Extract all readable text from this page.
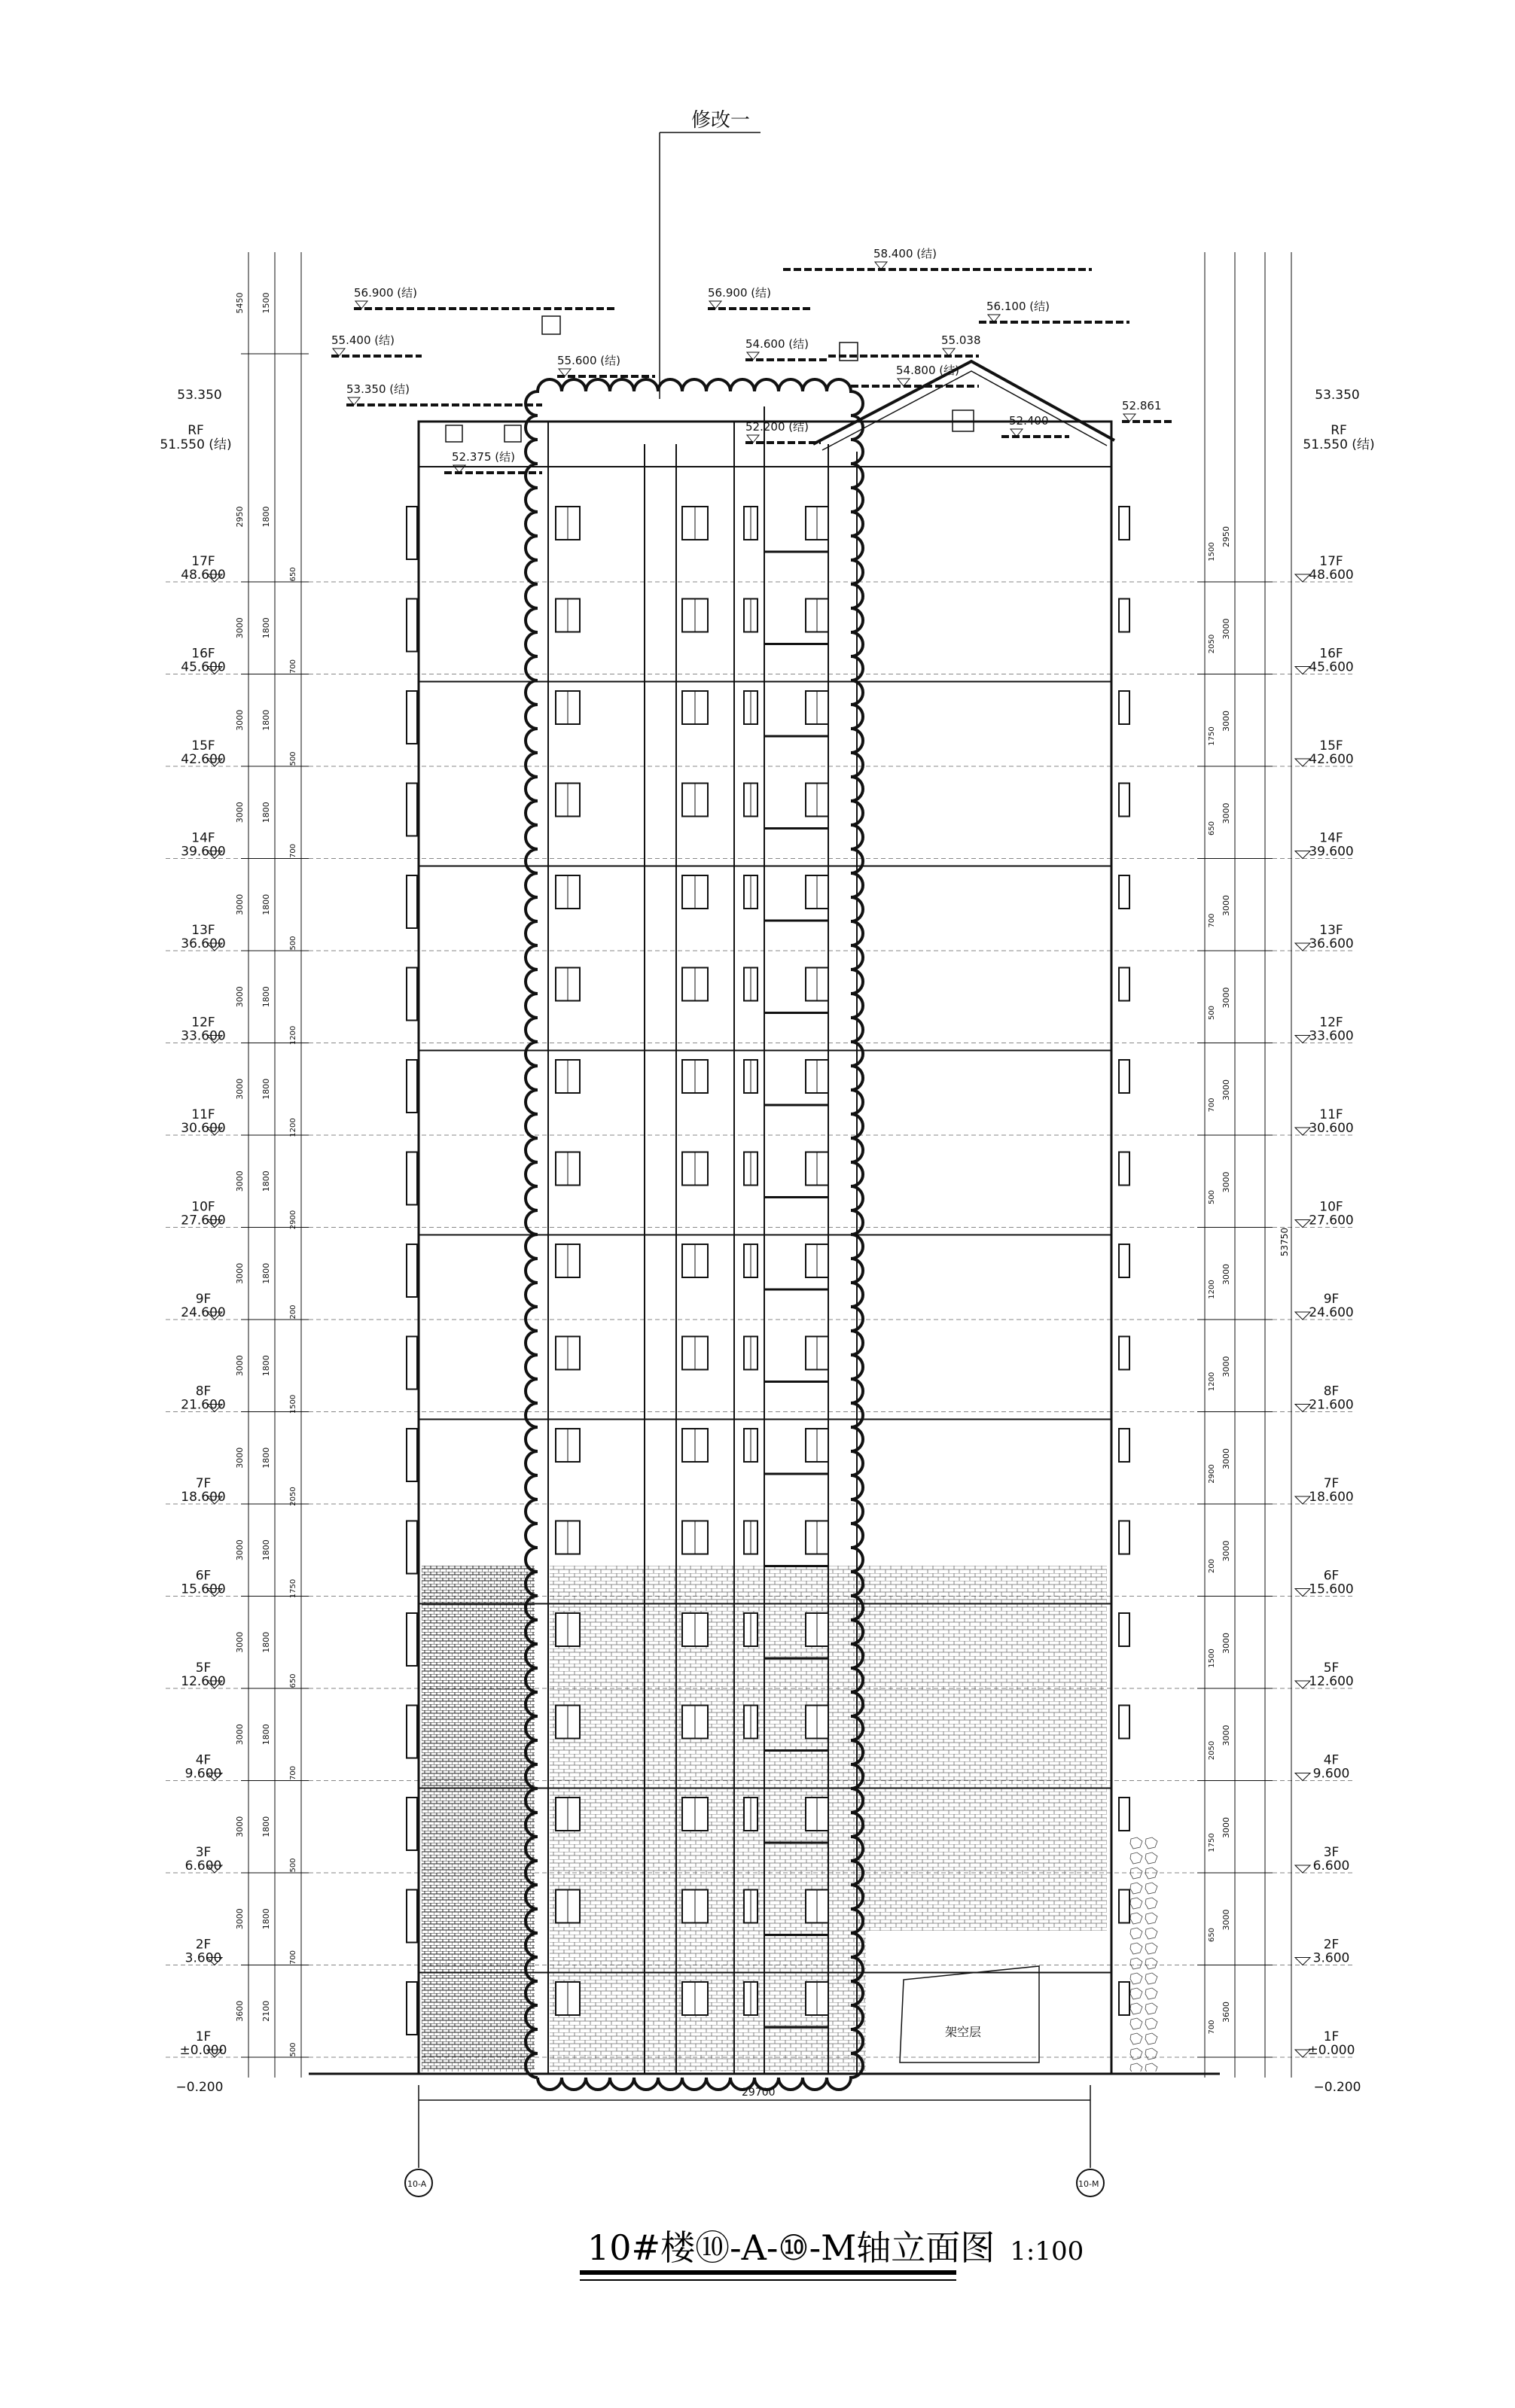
修改一
架空层
58.400 (结)
56.900 (结)	56.900 (结)
55.400 (结)
55.600 (结)
54.600 (结)
56.100 (结)
55.038
54.800 (结)
53.350 (结)
52.375 (结)
52.200 (结)	52.400
52.861
3600 2100
3000 1800
3000 1800
3000 1800
3000 1800
3000 1800
3000 1800
3000 1800
3000 1800
3000 1800
3000 1800
3000 1800
3000 1800
3000 1800
3000 1800
3000 1800
2950 1800
5450 1500
500
700
500
700
650
1750
2050
1500
200
2900
1200
1200
500
700
500
700
650
3600
700
3000
650
3000
1750
3000
2050
3000
1500
3000
200
3000
2900
3000
1200
3000
1200
3000
500
3000
700
3000
500
3000
700
3000
650
3000
1750
3000
2050
2950
1500
53750
1F
±0.000
1F
±0.000
2F
3.600
2F
3.600
3F
6.600
3F
6.600
4F
9.600
4F
9.600
5F
12.600
5F
12.600
6F
15.600
6F
15.600
7F
18.600
7F
18.600
8F
21.600
8F
21.600
9F
24.600
9F
24.600
10F
27.600
10F
27.600
11F
30.600
11F
30.600
12F
33.600
12F
33.600
13F
36.600
13F
36.600
14F
39.600
14F
39.600
15F
42.600
15F
42.600
16F
45.600
16F
45.600
17F
48.600
17F
48.600
RF
51.550 (结)
RF
51.550 (结)
53.350	53.350
−0.200	−0.200
29700
10-A	10-M
10#楼⑩-A-⑩-M轴立面图 1:100
